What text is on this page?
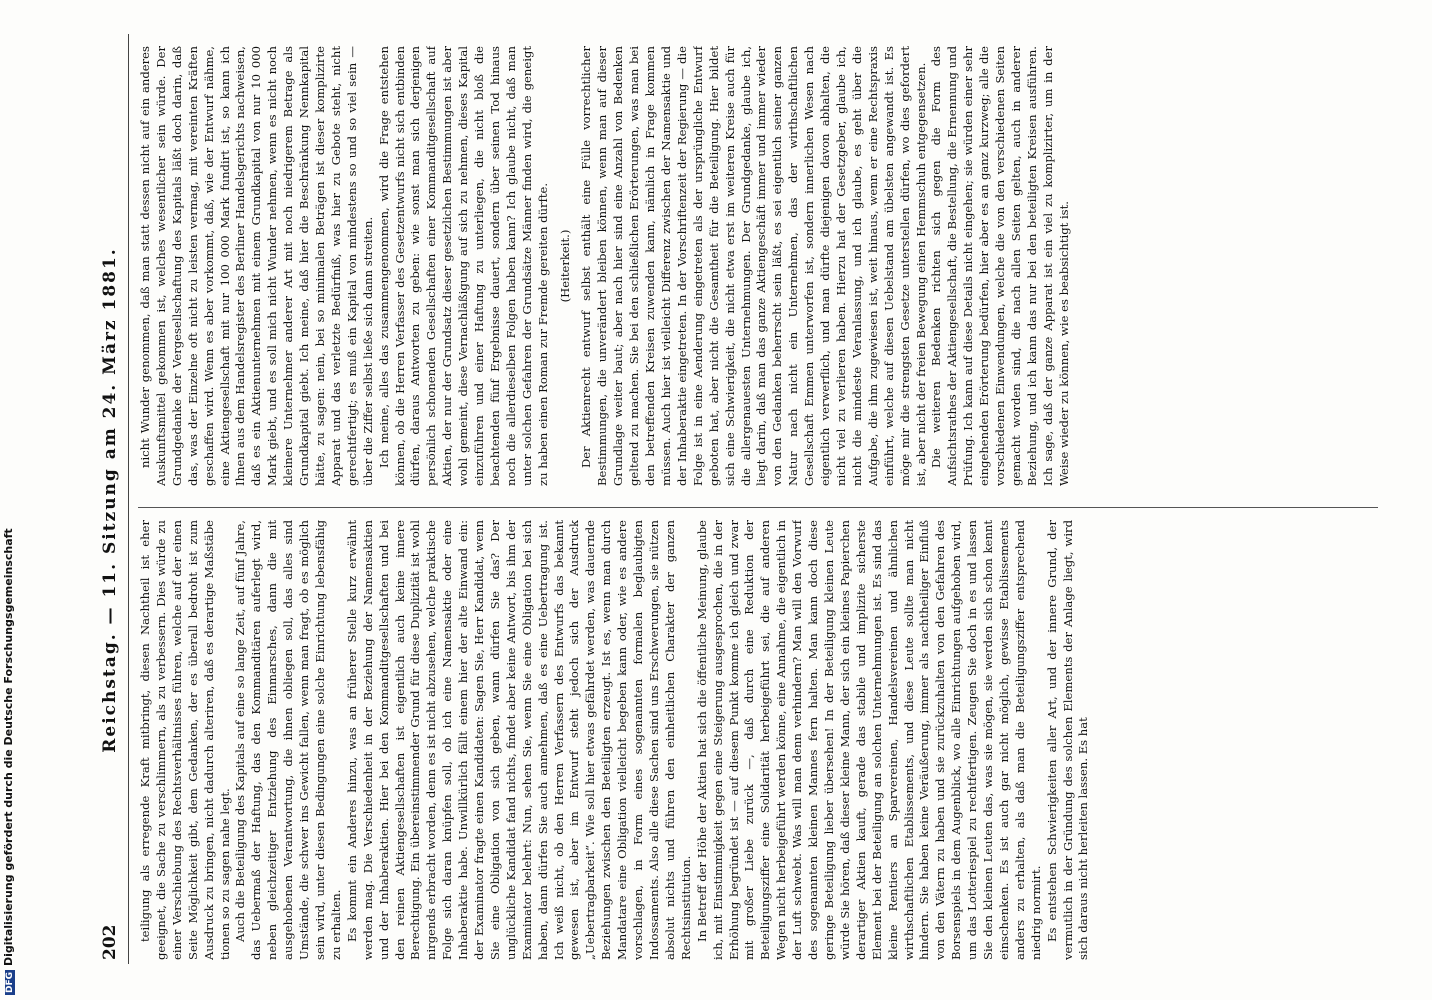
202
Reichstag. — 11. Sitzung am 24. März 1881. teiligung als erregende Kraft mitbringt, diesen Nachtheil ist eher geeignet, die Sache zu verschlimmern, als zu verbessern. Dies würde zu einer Verschiebung des Rechtsverhältnisses führen, welche auf der einen Seite Möglichkeit gibt, dem Gedanken, der es überall bedroht ist zum Ausdruck zu bringen, nicht dadurch alteriren, daß es derartige Maßstäbe tionen so zu sagen nahe legt. Auch die Beteiligung des Kapitals auf eine so lange Zeit, auf fünf Jahre, das Uebermaß der Haftung, das den Kommanditären auferlegt wird, neben gleichzeitiger Entziehung des Einmarsches, dann die mit ausgehobenen Verantwortung, die ihnen obliegen soll, das alles sind Umstände, die schwer ins Gewicht fallen, wenn man fragt, ob es möglich sein wird, unter diesen Bedingungen eine solche Einrichtung lebensfähig zu erhalten. Es kommt ein Anderes hinzu, was an früherer Stelle kurz erwähnt werden mag. Die Verschiedenheit in der Beziehung der Namensaktien und der Inhaberaktien. Hier bei den Kommanditgesellschaften und bei den reinen Aktiengesellschaften ist eigentlich auch keine innere Berechtigung. Ein übereinstimmender Grund für diese Duplizität ist wohl nirgends erbracht worden, denn es ist nicht abzusehen, welche praktische Folge sich daran knüpfen soll, ob ich eine Namensaktie oder eine Inhaberaktie habe. Unwillkürlich fällt einem hier der alte Einwand ein: der Examinator fragte einen Kandidaten: Sagen Sie, Herr Kandidat, wenn Sie eine Obligation von sich geben, wann dürfen Sie das? Der unglückliche Kandidat fand nichts, findet aber keine Antwort, bis ihm der Examinator belehrt: Nun, sehen Sie, wenn Sie eine Obligation bei sich haben, dann dürfen Sie auch annehmen, daß es eine Uebertragung ist. Ich weiß nicht, ob den Herren Verfassern des Entwurfs das bekannt gewesen ist, aber im Entwurf steht jedoch sich der Ausdruck „Uebertragbarkeit“. Wie soll hier etwas gefährdet werden, was dauernde Beziehungen zwischen den Beteiligten erzeugt. Ist es, wenn man durch Mandatare eine Obligation vielleicht begeben kann oder, wie es andere vorschlagen, in Form eines sogenannten formalen beglaubigten Indossaments. Also alle diese Sachen sind uns Erschwerungen, sie nützen absolut nichts und führen den einheitlichen Charakter der ganzen Rechtsinstitution. In Betreff der Höhe der Aktien hat sich die öffentliche Meinung, glaube ich, mit Einstimmigkeit gegen eine Steigerung ausgesprochen, die in der Erhöhung begründet ist — auf diesem Punkt komme ich gleich und zwar mit großer Liebe zurück —, daß durch eine Reduktion der Beteiligungsziffer eine Solidarität herbeigeführt sei, die auf anderen Wegen nicht herbeigeführt werden könne, eine Annahme, die eigentlich in der Luft schwebt. Was will man denn verhindern? Man will den Vorwurf des sogenannten kleinen Mannes fern halten. Man kann doch diese geringe Beteiligung lieber übersehen! In der Beteiligung kleinen Leute würde Sie hören, daß dieser kleine Mann, der sich ein kleines Papierchen derartiger Aktien kauft, gerade das stabile und implizite sicherste Element bei der Beteiligung an solchen Unternehmungen ist. Es sind das kleine Rentiers an Sparvereinen, Handelsvereinen und ähnlichen wirthschaftlichen Etablissements, und diese Leute sollte man nicht hindern. Sie haben keine Veräußerung, immer als nachtheiliger Einfluß von den Vätern zu haben und sie zurückzuhalten von den Gefahren des Borsenspiels in dem Augenblick, wo alle Einrichtungen aufgehoben wird, um das Lotteriespiel zu rechtfertigen. Zeugen Sie doch in es und lassen Sie den kleinen Leuten das, was sie mögen, sie werden sich schon kennt einschenken. Es ist auch gar nicht möglich, gewisse Etablissements anders zu erhalten, als daß man die Beteiligungsziffer entsprechend niedrig normirt. Es entstehen Schwierigkeiten aller Art, und der innere Grund, der vermutlich in der Gründung des solchen Elements der Anlage liegt, wird sich daraus nicht herleiten lassen. Es hat

nicht Wunder genommen, daß man statt dessen nicht auf ein anderes Auskunftsmittel gekommen ist, welches wesentlicher sein würde. Der Grundgedanke der Vergesellschaftung des Kapitals läßt doch darin, daß das, was der Einzelne oft nicht zu leisten vermag, mit vereinten Kräften geschaffen wird. Wenn es aber vorkommt, daß, wie der Entwurf nähme, eine Aktiengesellschaft mit nur 100 000 Mark fundirt ist, so kann ich Ihnen aus dem Handelsregister des Berliner Handelsgerichts nachweisen, daß es ein Aktienunternehmen mit einem Grundkapital von nur 10 000 Mark giebt, und es soll mich nicht Wunder nehmen, wenn es nicht noch kleinere Unternehmer anderer Art mit noch niedrigerem Betrage als Grundkapital giebt. Ich meine, daß hier die Beschränkung Nennkapital hätte, zu sagen: nein, bei so minimalen Beträgen ist dieser komplizirte Apparat und das verletzte Bedürfniß, was hier zu Gebote steht, nicht gerechtfertigt; es muß ein Kapital von mindestens so und so viel sein — über die Ziffer selbst ließe sich dann streiten. Ich meine, alles das zusammengenommen, wird die Frage entstehen können, ob die Herren Verfasser des Gesetzentwurfs nicht sich entbinden dürfen, daraus Antworten zu geben: wie sonst man sich derjenigen persönlich schonenden Gesellschaften einer Kommanditgesellschaft auf Aktien, der nur der Grundsatz dieser gesetzlichen Bestimmungen ist aber wohl gemeint, diese Vernachläßigung auf sich zu nehmen, dieses Kapital einzuführen und einer Haftung zu unterliegen, die nicht bloß die beachtenden fünf Ergebnisse dauert, sondern über seinen Tod hinaus noch die allerdieselben Folgen haben kann? Ich glaube nicht, daß man unter solchen Gefahren der Grundsätze Männer finden wird, die geneigt zu haben einen Roman zur Fremde gereiten dürfte. (Heiterkeit.) Der Aktienrecht entwurf selbst enthält eine Fülle vorrechtlicher Bestimmungen, die unverändert bleiben können, wenn man auf dieser Grundlage weiter baut; aber nach hier sind eine Anzahl von Bedenken geltend zu machen. Sie bei den schließlichen Erörterungen, was man bei den betreffenden Kreisen zuwenden kann, nämlich in Frage kommen müssen. Auch hier ist vielleicht Differenz zwischen der Namensaktie und der Inhaberaktie eingetreten. In der Vorschriftenzeit der Regierung — die Folge ist in eine Aenderung eingetreten als der ursprüngliche Entwurf geboten hat, aber nicht die Gesamtheit für die Beteiligung. Hier bildet sich eine Schwierigkeit, die nicht etwa erst im weiteren Kreise auch für die allergenauesten Unternehmungen. Der Grundgedanke, glaube ich, liegt darin, daß man das ganze Aktiengeschäft immer und immer wieder von den Gedanken beherrscht sein läßt, es sei eigentlich seiner ganzen Natur nach nicht ein Unternehmen, das der wirthschaftlichen Gesellschaft Emmen unterworfen ist, sondern innerlichen Wesen nach eigentlich verwerflich, und man dürfte diejenigen davon abhalten, die nicht viel zu verlieren haben. Hierzu hat der Gesetzgeber, glaube ich, nicht die mindeste Veranlassung, und ich glaube, es geht über die Aufgabe, die ihm zugewiesen ist, weit hinaus, wenn er eine Rechtspraxis einführt, welche auf diesen Uebelstand am übelsten angewandt ist. Es möge mir die strengsten Gesetze unterstellen dürfen, wo dies gefordert ist, aber nicht der freien Bewegung einen Hemmschuh entgegensetzen. Die weiteren Bedenken richten sich gegen die Form des Aufsichtsrathes der Aktiengesellschaft, die Bestellung, die Ernennung und Prüfung. Ich kann auf diese Details nicht eingehen; sie würden einer sehr eingehenden Erörterung bedürfen, hier aber es an ganz kurzweg; alle die vorschiedenen Einwendungen, welche die von den verschiedenen Seiten gemacht worden sind, die nach allen Seiten gelten, auch in anderer Beziehung, und ich kann das nur bei den beteiligten Kreisen ausführen. Ich sage, daß der ganze Apparat ist ein viel zu komplizirter, um in der Weise wieder zu können, wie es beabsichtigt ist.

DFGDigitalisierung gefördert durch die Deutsche Forschungsgemeinschaft
